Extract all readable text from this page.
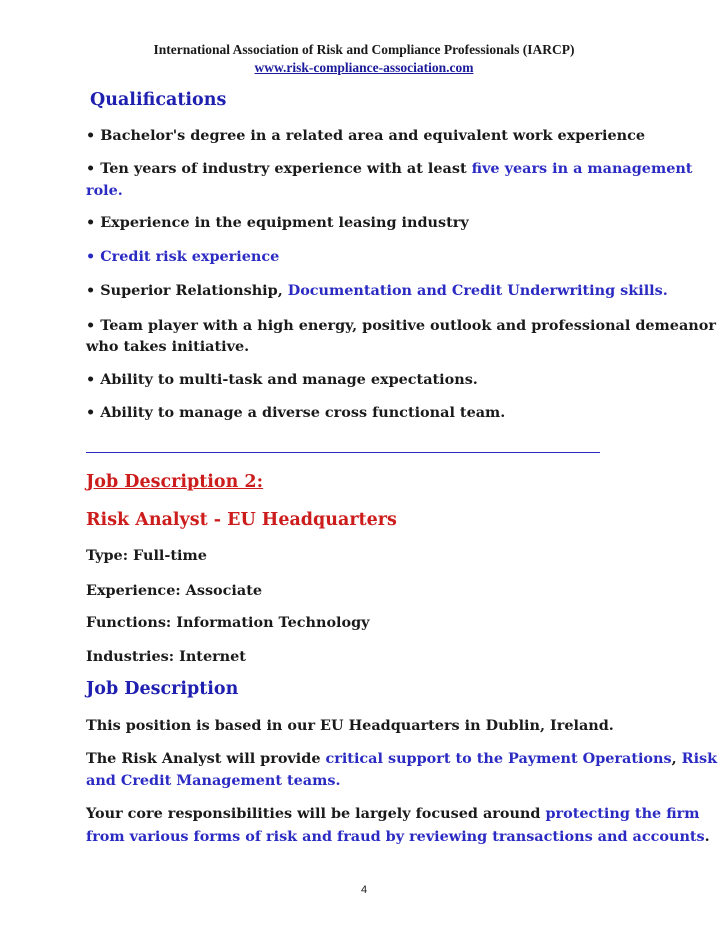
International Association of Risk and Compliance Professionals (IARCP)
www.risk-compliance-association.com
Qualifications
• Bachelor's degree in a related area and equivalent work experience
• Ten years of industry experience with at least five years in a management
role.
• Experience in the equipment leasing industry
• Credit risk experience
• Superior Relationship, Documentation and Credit Underwriting skills.
• Team player with a high energy, positive outlook and professional demeanor
who takes initiative.
• Ability to multi-task and manage expectations.
• Ability to manage a diverse cross functional team.
Job Description 2:
Risk Analyst - EU Headquarters
Type: Full-time
Experience: Associate
Functions: Information Technology
Industries: Internet
Job Description
This position is based in our EU Headquarters in Dublin, Ireland.
The Risk Analyst will provide critical support to the Payment Operations, Risk
and Credit Management teams.
Your core responsibilities will be largely focused around protecting the firm
from various forms of risk and fraud by reviewing transactions and accounts.
4
